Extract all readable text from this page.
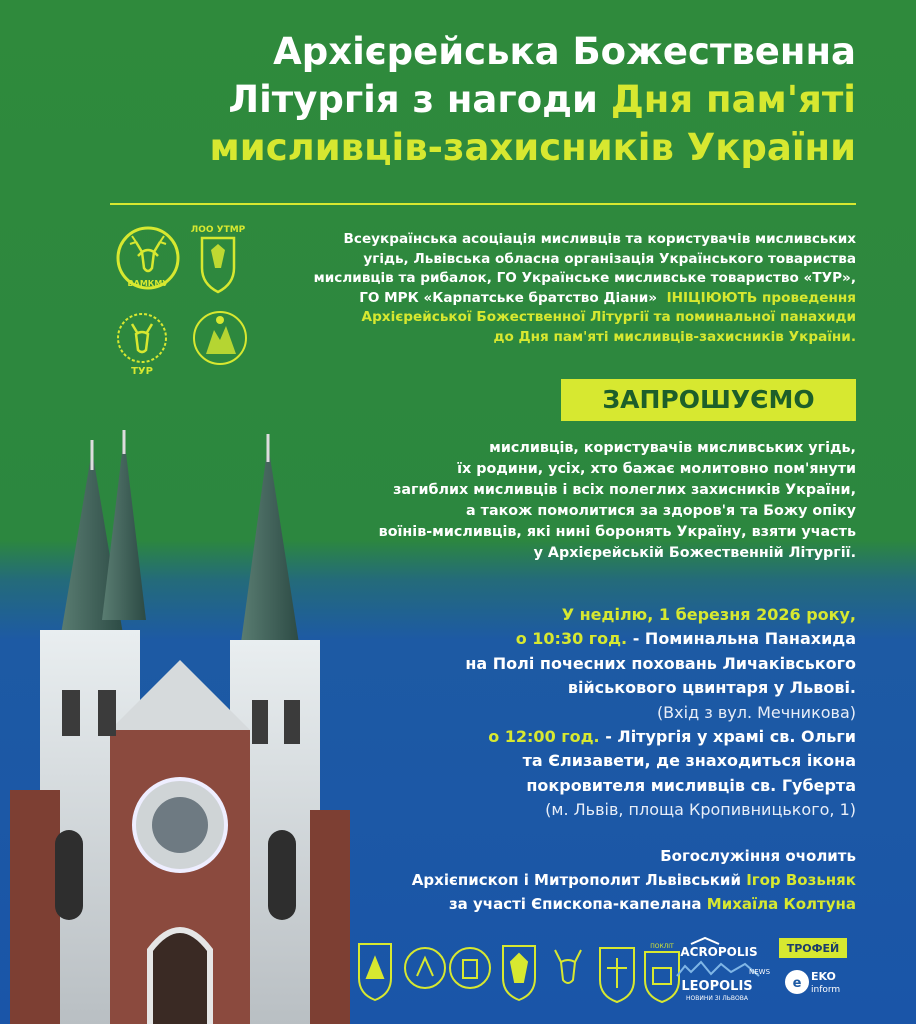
Архієрейська Божественна
Літургія з нагоди Дня пам'яті
мисливців-захисників України
ВАМКМУ
ЛОО УТМР
ТУР
Всеукраїнська асоціація мисливців та користувачів мисливських
угідь, Львівська обласна організація Українського товариства
мисливців та рибалок, ГО Українське мисливське товариство «ТУР»,
ГО МРК «Карпатське братство Діани» ІНІЦІЮЮТЬ проведення
Архієрейської Божественної Літургії та поминальної панахиди
до Дня пам'яті мисливців-захисників України.
ЗАПРОШУЄМО
мисливців, користувачів мисливських угідь,
їх родини, усіх, хто бажає молитовно пом'янути
загиблих мисливців і всіх полеглих захисників України,
а також помолитися за здоров'я та Божу опіку
воїнів-мисливців, які нині боронять Україну, взяти участь
у Архієрейській Божественній Літургії.
У неділю, 1 березня 2026 року,
о 10:30 год. - Поминальна Панахида
на Полі почесних поховань Личаківського
військового цвинтаря у Львові.
(Вхід з вул. Мечникова)
о 12:00 год. - Літургія у храмі св. Ольги
та Єлизавети, де знаходиться ікона
покровителя мисливців св. Губерта
(м. Львів, площа Кропивницького, 1)
Богослужіння очолить
Архієпископ і Митрополит Львівський Ігор Возьняк
за участі Єпископа-капелана Михаїла Колтуна
ПОКЛІТ ACROPOLIS
NEWS
LEOPOLIS
НОВИНИ ЗІ ЛЬВОВА
ТРОФЕЙ
e EKO
inform
